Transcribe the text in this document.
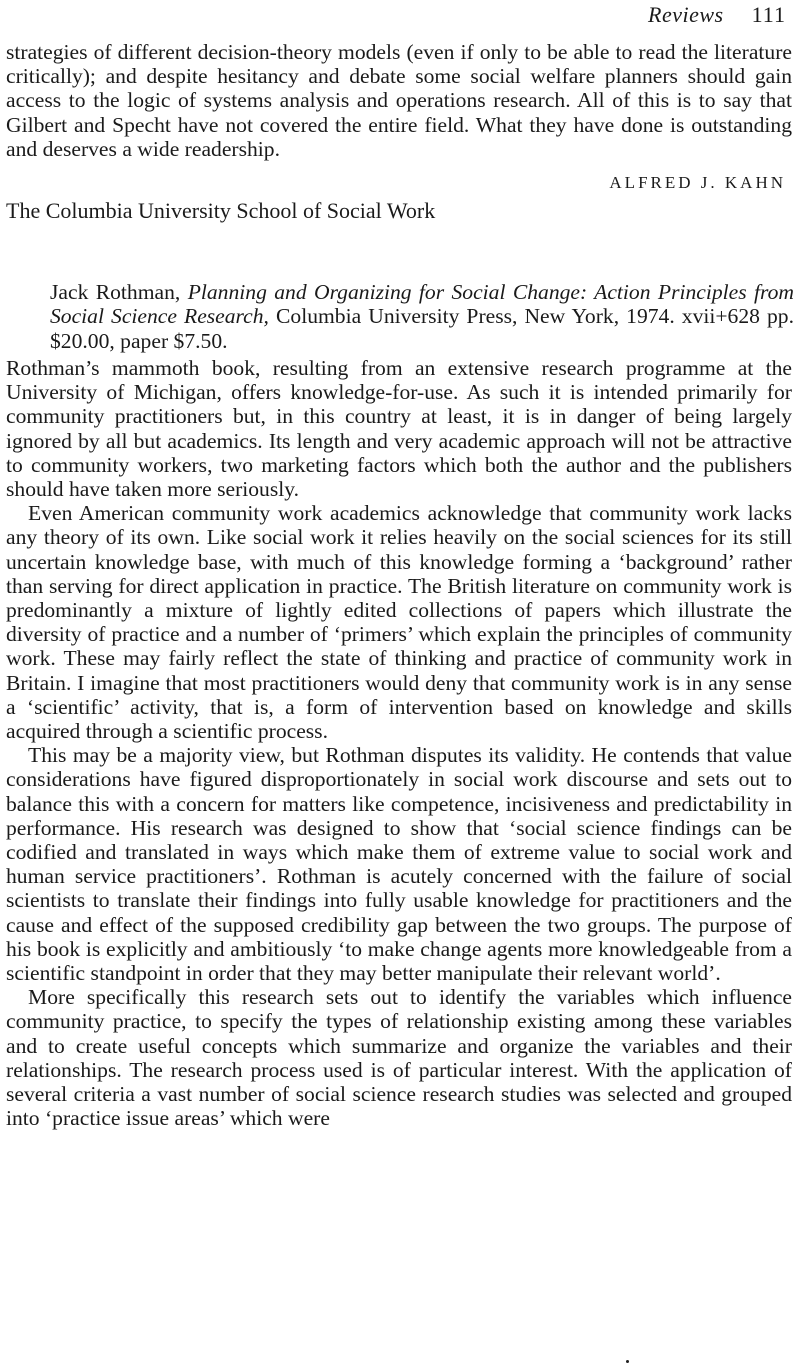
Reviews 111

strategies of different decision-theory models (even if only to be able to read the literature critically); and despite hesitancy and debate some social welfare planners should gain access to the logic of systems analysis and operations research. All of this is to say that Gilbert and Specht have not covered the entire field. What they have done is outstanding and deserves a wide readership.

ALFRED J. KAHN
The Columbia University School of Social Work
Jack Rothman, Planning and Organizing for Social Change: Action Principles from Social Science Research, Columbia University Press, New York, 1974. xvii+628 pp. $20.00, paper $7.50.

Rothman’s mammoth book, resulting from an extensive research programme at the University of Michigan, offers knowledge-for-use. As such it is intended primarily for community practitioners but, in this country at least, it is in danger of being largely ignored by all but academics. Its length and very academic approach will not be attractive to community workers, two marketing factors which both the author and the publishers should have taken more seriously.

Even American community work academics acknowledge that community work lacks any theory of its own. Like social work it relies heavily on the social sciences for its still uncertain knowledge base, with much of this knowledge forming a ‘background’ rather than serving for direct application in practice. The British literature on community work is predominantly a mixture of lightly edited collections of papers which illustrate the diversity of practice and a number of ‘primers’ which explain the principles of community work. These may fairly reflect the state of thinking and practice of community work in Britain. I imagine that most practitioners would deny that community work is in any sense a ‘scientific’ activity, that is, a form of intervention based on knowledge and skills acquired through a scientific process.

This may be a majority view, but Rothman disputes its validity. He contends that value considerations have figured disproportionately in social work discourse and sets out to balance this with a concern for matters like competence, incisiveness and predictability in performance. His research was designed to show that ‘social science findings can be codified and translated in ways which make them of extreme value to social work and human service practitioners’. Rothman is acutely concerned with the failure of social scientists to translate their findings into fully usable knowledge for practitioners and the cause and effect of the supposed credibility gap between the two groups. The purpose of his book is explicitly and ambitiously ‘to make change agents more knowledgeable from a scientific standpoint in order that they may better manipulate their relevant world’.

More specifically this research sets out to identify the variables which influence community practice, to specify the types of relationship existing among these variables and to create useful concepts which summarize and organize the variables and their relationships. The research process used is of particular interest. With the application of several criteria a vast number of social science research studies was selected and grouped into ‘practice issue areas’ which were
